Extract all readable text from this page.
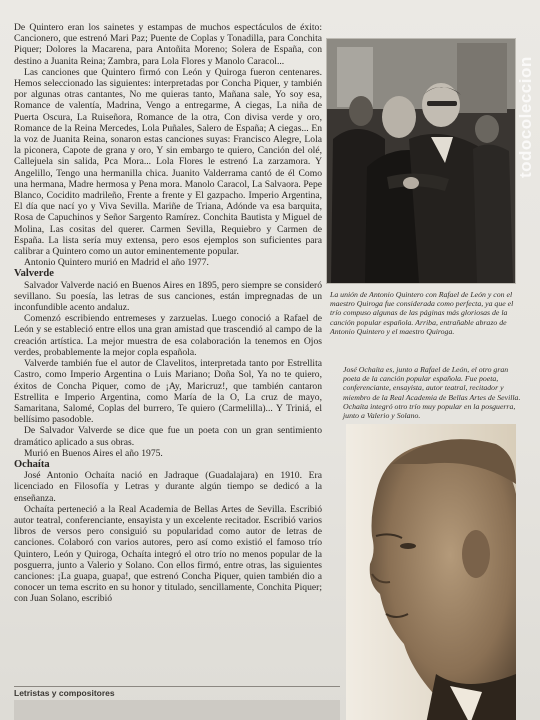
De Quintero eran los sainetes y estampas de muchos espectáculos de éxito: Cancionero, que estrenó Mari Paz; Puente de Coplas y Tonadilla, para Conchita Piquer; Dolores la Macarena, para Antoñita Moreno; Solera de España, con destino a Juanita Reina; Zambra, para Lola Flores y Manolo Caracol...

Las canciones que Quintero firmó con León y Quiroga fueron centenares. Hemos seleccionado las siguientes: interpretadas por Concha Piquer, y también por algunas otras cantantes, No me quieras tanto, Mañana sale, Yo soy esa, Romance de valentía, Madrina, Vengo a entregarme, A ciegas, La niña de Puerta Oscura, La Ruiseñora, Romance de la otra, Con divisa verde y oro, Romance de la Reina Mercedes, Lola Puñales, Salero de España; A ciegas... En la voz de Juanita Reina, sonaron estas canciones suyas: Francisco Alegre, Lola la piconera, Capote de grana y oro, Y sin embargo te quiero, Canción del olé, Callejuela sin salida, Pca Mora... Lola Flores le estrenó La zarzamora. Y Angelillo, Tengo una hermanilla chica. Juanito Valderrama cantó de él Como una hermana, Madre hermosa y Pena mora. Manolo Caracol, La Salvaora. Pepe Blanco, Cocidito madrileño, Frente a frente y El gazpacho. Imperio Argentina, El día que nací yo y Viva Sevilla. Mariñe de Triana, Adónde va esa barquita, Rosa de Capuchinos y Señor Sargento Ramírez. Conchita Bautista y Miguel de Molina, Las cositas del querer. Carmen Sevilla, Requiebro y Carmen de España. La lista sería muy extensa, pero esos ejemplos son suficientes para calibrar a Quintero como un autor eminentemente popular.

Antonio Quintero murió en Madrid el año 1977.

Valverde

Salvador Valverde nació en Buenos Aires en 1895, pero siempre se consideró sevillano. Su poesía, las letras de sus canciones, están impregnadas de un inconfundible acento andaluz.

Comenzó escribiendo entremeses y zarzuelas. Luego conoció a Rafael de León y se estableció entre ellos una gran amistad que trascendió al campo de la creación artística. La mejor muestra de esa colaboración la tenemos en Ojos verdes, probablemente la mejor copla española.

Valverde también fue el autor de Clavelitos, interpretada tanto por Estrellita Castro, como Imperio Argentina o Luis Mariano; Doña Sol, Ya no te quiero, éxitos de Concha Piquer, como de ¡Ay, Maricruz!, que también cantaron Estrellita e Imperio Argentina, como María de la O, La cruz de mayo, Samaritana, Salomé, Coplas del burrero, Te quiero (Carmelilla)... Y Triniá, el bellísimo pasodoble.

De Salvador Valverde se dice que fue un poeta con un gran sentimiento dramático aplicado a sus obras.

Murió en Buenos Aires el año 1975.

Ochaíta

José Antonio Ochaíta nació en Jadraque (Guadalajara) en 1910. Era licenciado en Filosofía y Letras y durante algún tiempo se dedicó a la enseñanza.

Ochaíta perteneció a la Real Academia de Bellas Artes de Sevilla. Escribió autor teatral, conferenciante, ensayista y un excelente recitador. Escribió varios libros de versos pero consiguió su popularidad como autor de letras de canciones. Colaboró con varios autores, pero así como existió el famoso trío Quintero, León y Quiroga, Ochaíta integró el otro trío no menos popular de la posguerra, junto a Valerio y Solano. Con ellos firmó, entre otras, las siguientes canciones: ¡La guapa, guapa!, que estrenó Concha Piquer, quien también dio a conocer un tema escrito en su honor y titulado, sencillamente, Conchita Piquer; con Juan Solano, escribió

La unión de Antonio Quintero con Rafael de León y con el maestro Quiroga fue considerada como perfecta, ya que el trío compuso algunas de las páginas más gloriosas de la canción popular española. Arriba, entrañable abrazo de Antonio Quintero y el maestro Quiroga.
José Ochaíta es, junto a Rafael de León, el otro gran poeta de la canción popular española. Fue poeta, conferenciante, ensayista, autor teatral, recitador y miembro de la Real Academia de Bellas Artes de Sevilla. Ochaíta integró otro trío muy popular en la posguerra, junto a Valerio y Solano.
todocoleccion
Letristas y compositores
